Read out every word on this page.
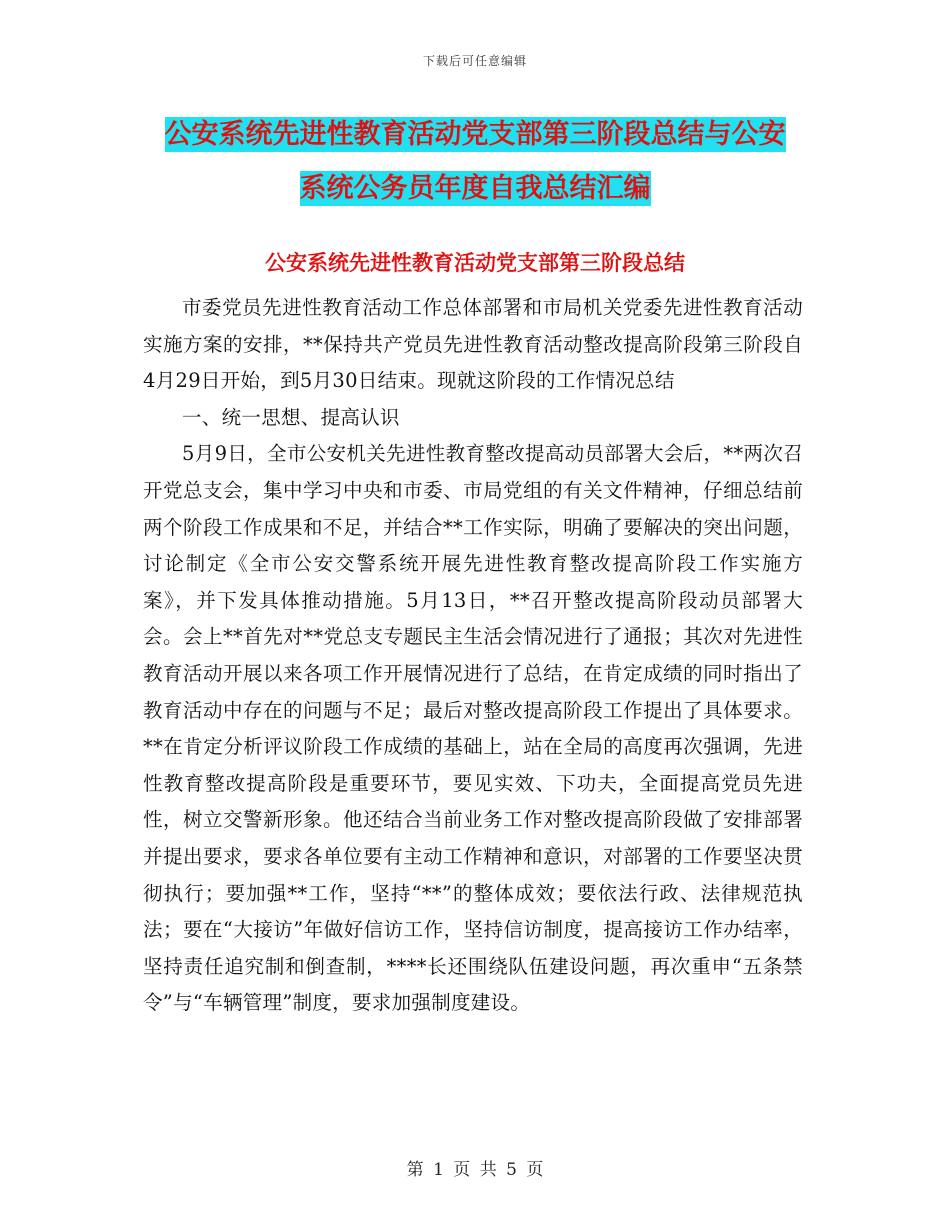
下载后可任意编辑
公安系统先进性教育活动党支部第三阶段总结与公安
系统公务员年度自我总结汇编
公安系统先进性教育活动党支部第三阶段总结

市委党员先进性教育活动工作总体部署和市局机关党委先进性教育活动实施方案的安排，**保持共产党员先进性教育活动整改提高阶段第三阶段自4月29日开始，到5月30日结束。现就这阶段的工作情况总结

一、统一思想、提高认识

5月9日，全市公安机关先进性教育整改提高动员部署大会后，**两次召开党总支会，集中学习中央和市委、市局党组的有关文件精神，仔细总结前两个阶段工作成果和不足，并结合**工作实际，明确了要解决的突出问题，讨论制定《全市公安交警系统开展先进性教育整改提高阶段工作实施方案》，并下发具体推动措施。5月13日，**召开整改提高阶段动员部署大会。会上**首先对**党总支专题民主生活会情况进行了通报；其次对先进性教育活动开展以来各项工作开展情况进行了总结，在肯定成绩的同时指出了教育活动中存在的问题与不足；最后对整改提高阶段工作提出了具体要求。**在肯定分析评议阶段工作成绩的基础上，站在全局的高度再次强调，先进性教育整改提高阶段是重要环节，要见实效、下功夫，全面提高党员先进性，树立交警新形象。他还结合当前业务工作对整改提高阶段做了安排部署并提出要求，要求各单位要有主动工作精神和意识，对部署的工作要坚决贯彻执行；要加强**工作，坚持“**”的整体成效；要依法行政、法律规范执法；要在“大接访”年做好信访工作，坚持信访制度，提高接访工作办结率，坚持责任追究制和倒查制，****长还围绕队伍建设问题，再次重申“五条禁令”与“车辆管理”制度，要求加强制度建设。

第 1 页 共 5 页
